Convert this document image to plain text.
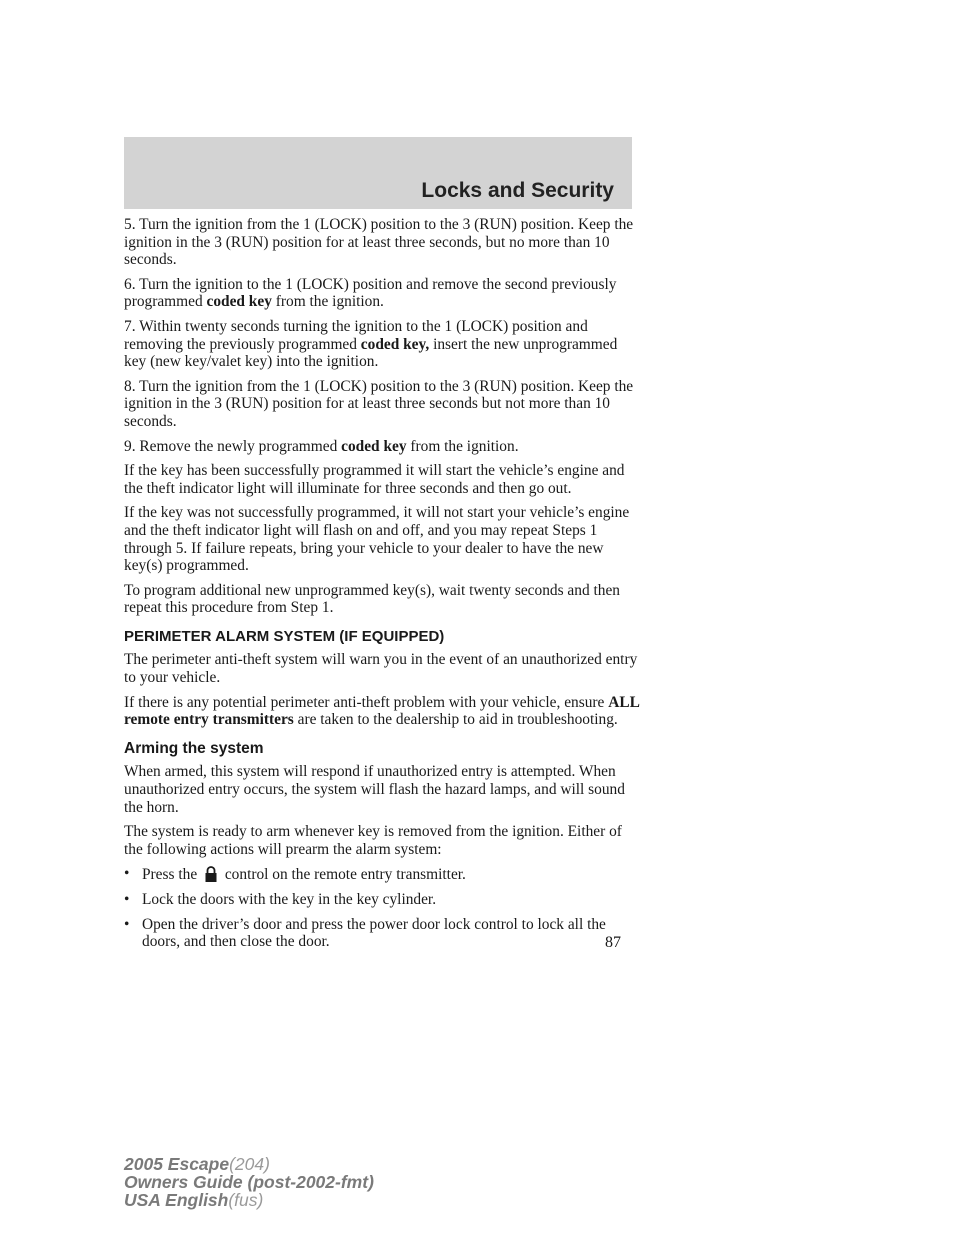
Locks and Security

5. Turn the ignition from the 1 (LOCK) position to the 3 (RUN) position. Keep the ignition in the 3 (RUN) position for at least three seconds, but no more than 10 seconds.

6. Turn the ignition to the 1 (LOCK) position and remove the second previously programmed coded key from the ignition.

7. Within twenty seconds turning the ignition to the 1 (LOCK) position and removing the previously programmed coded key, insert the new unprogrammed key (new key/valet key) into the ignition.

8. Turn the ignition from the 1 (LOCK) position to the 3 (RUN) position. Keep the ignition in the 3 (RUN) position for at least three seconds but not more than 10 seconds.

9. Remove the newly programmed coded key from the ignition.

If the key has been successfully programmed it will start the vehicle’s engine and the theft indicator light will illuminate for three seconds and then go out.

If the key was not successfully programmed, it will not start your vehicle’s engine and the theft indicator light will flash on and off, and you may repeat Steps 1 through 5. If failure repeats, bring your vehicle to your dealer to have the new key(s) programmed.

To program additional new unprogrammed key(s), wait twenty seconds and then repeat this procedure from Step 1.

PERIMETER ALARM SYSTEM (IF EQUIPPED)

The perimeter anti-theft system will warn you in the event of an unauthorized entry to your vehicle.

If there is any potential perimeter anti-theft problem with your vehicle, ensure ALL remote entry transmitters are taken to the dealership to aid in troubleshooting.

Arming the system

When armed, this system will respond if unauthorized entry is attempted. When unauthorized entry occurs, the system will flash the hazard lamps, and will sound the horn.

The system is ready to arm whenever key is removed from the ignition. Either of the following actions will prearm the alarm system:

• Press the  control on the remote entry transmitter.
• Lock the doors with the key in the key cylinder.
• Open the driver’s door and press the power door lock control to lock all the doors, and then close the door.	87
2005 Escape(204)
Owners Guide (post-2002-fmt)
USA English(fus)
